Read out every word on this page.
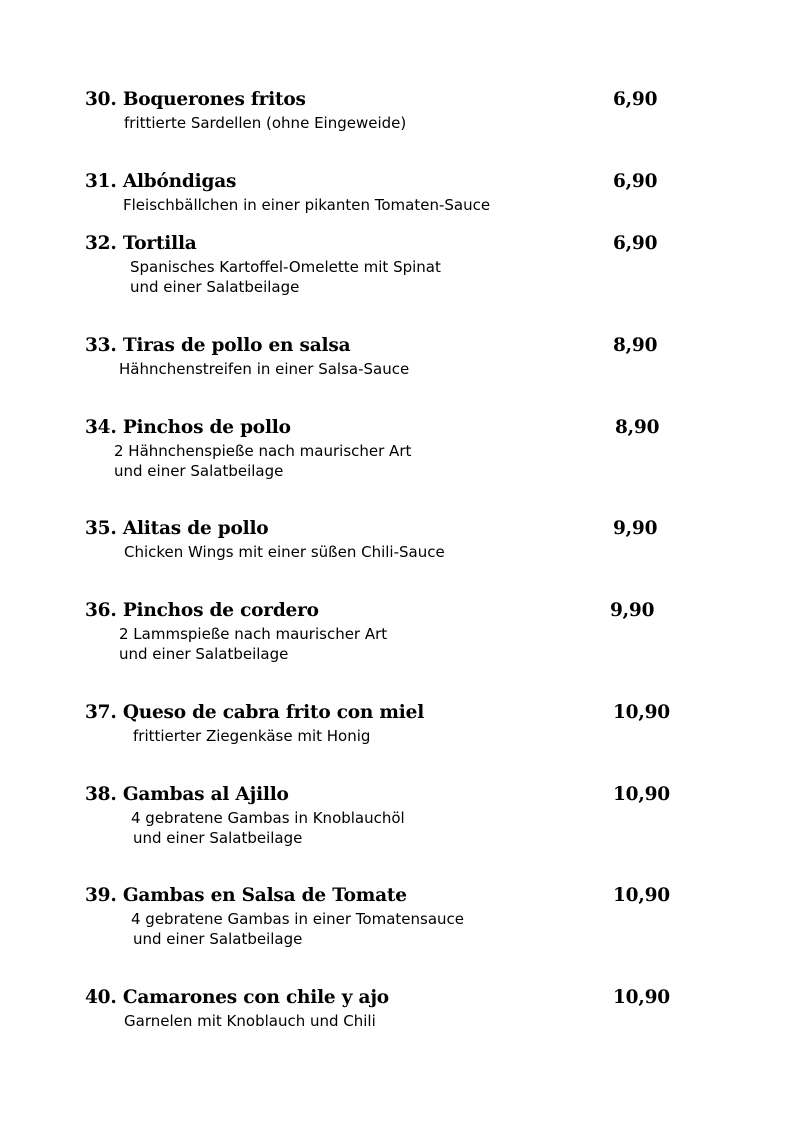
30. Boquerones fritos	6,90
frittierte Sardellen (ohne Eingeweide)
31. Albóndigas	6,90
Fleischbällchen in einer pikanten Tomaten-Sauce
32. Tortilla	6,90
Spanisches Kartoffel-Omelette mit Spinat
und einer Salatbeilage
33. Tiras de pollo en salsa	8,90
Hähnchenstreifen in einer Salsa-Sauce
34. Pinchos de pollo	8,90
2 Hähnchenspieße nach maurischer Art
und einer Salatbeilage
35. Alitas de pollo	9,90
Chicken Wings mit einer süßen Chili-Sauce
36. Pinchos de cordero	9,90
2 Lammspieße nach maurischer Art
und einer Salatbeilage
37. Queso de cabra frito con miel	10,90
frittierter Ziegenkäse mit Honig
38. Gambas al Ajillo	10,90
4 gebratene Gambas in Knoblauchöl
und einer Salatbeilage
39. Gambas en Salsa de Tomate	10,90
4 gebratene Gambas in einer Tomatensauce
und einer Salatbeilage
40. Camarones con chile y ajo	10,90
Garnelen mit Knoblauch und Chili
